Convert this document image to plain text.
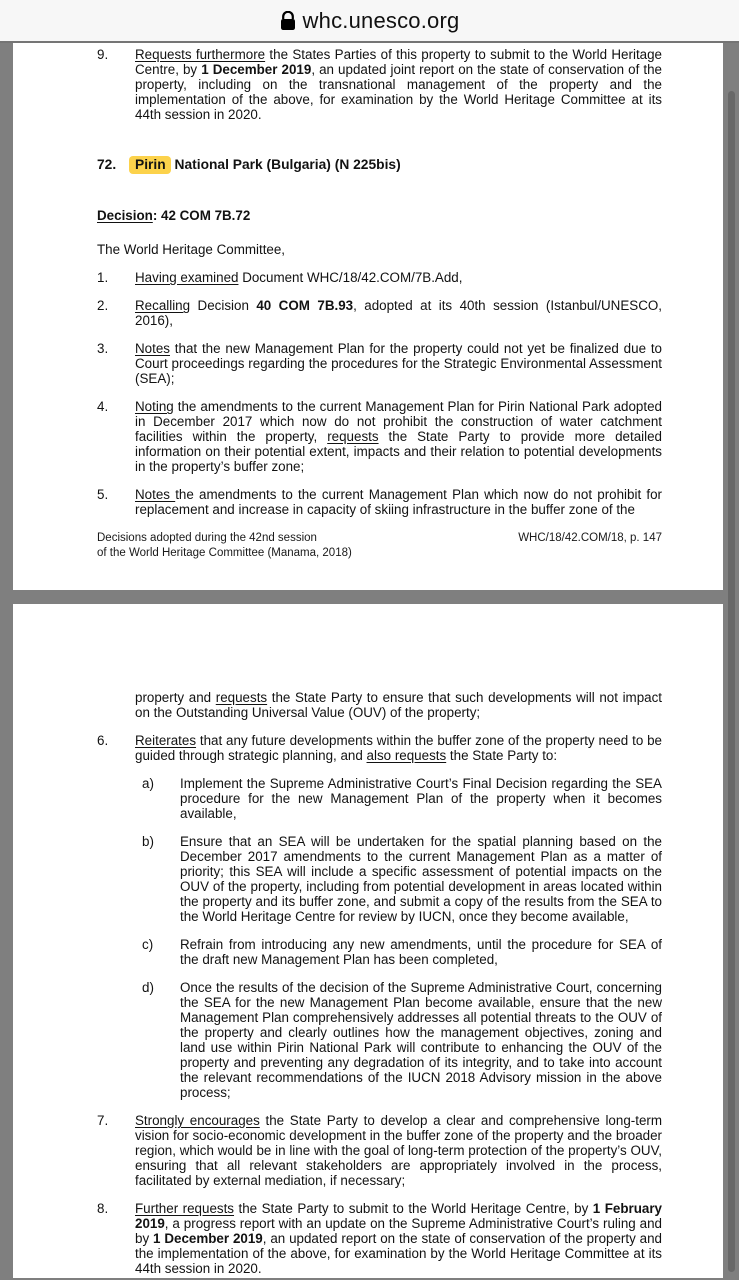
whc.unesco.org
9.	Requests furthermore the States Parties of this property to submit to the World Heritage Centre, by 1 December 2019, an updated joint report on the state of conservation of the property, including on the transnational management of the property and the implementation of the above, for examination by the World Heritage Committee at its 44th session in 2020.
72.	Pirin National Park (Bulgaria) (N 225bis)
Decision: 42 COM 7B.72
The World Heritage Committee,
1.	Having examined Document WHC/18/42.COM/7B.Add,
2.	Recalling Decision 40 COM 7B.93, adopted at its 40th session (Istanbul/UNESCO, 2016),
3.	Notes that the new Management Plan for the property could not yet be finalized due to Court proceedings regarding the procedures for the Strategic Environmental Assessment (SEA);
4.	Noting the amendments to the current Management Plan for Pirin National Park adopted in December 2017 which now do not prohibit the construction of water catchment facilities within the property, requests the State Party to provide more detailed information on their potential extent, impacts and their relation to potential developments in the property’s buffer zone;
5.	Notes the amendments to the current Management Plan which now do not prohibit for replacement and increase in capacity of skiing infrastructure in the buffer zone of the
Decisions adopted during the 42nd session
of the World Heritage Committee (Manama, 2018)
WHC/18/42.COM/18, p. 147
property and requests the State Party to ensure that such developments will not impact on the Outstanding Universal Value (OUV) of the property;
6.	Reiterates that any future developments within the buffer zone of the property need to be guided through strategic planning, and also requests the State Party to:
a)	Implement the Supreme Administrative Court’s Final Decision regarding the SEA procedure for the new Management Plan of the property when it becomes available,
b)	Ensure that an SEA will be undertaken for the spatial planning based on the December 2017 amendments to the current Management Plan as a matter of priority; this SEA will include a specific assessment of potential impacts on the OUV of the property, including from potential development in areas located within the property and its buffer zone, and submit a copy of the results from the SEA to the World Heritage Centre for review by IUCN, once they become available,
c)	Refrain from introducing any new amendments, until the procedure for SEA of the draft new Management Plan has been completed,
d)	Once the results of the decision of the Supreme Administrative Court, concerning the SEA for the new Management Plan become available, ensure that the new Management Plan comprehensively addresses all potential threats to the OUV of the property and clearly outlines how the management objectives, zoning and land use within Pirin National Park will contribute to enhancing the OUV of the property and preventing any degradation of its integrity, and to take into account the relevant recommendations of the IUCN 2018 Advisory mission in the above process;
7.	Strongly encourages the State Party to develop a clear and comprehensive long-term vision for socio-economic development in the buffer zone of the property and the broader region, which would be in line with the goal of long-term protection of the property’s OUV, ensuring that all relevant stakeholders are appropriately involved in the process, facilitated by external mediation, if necessary;
8.	Further requests the State Party to submit to the World Heritage Centre, by 1 February 2019, a progress report with an update on the Supreme Administrative Court’s ruling and by 1 December 2019, an updated report on the state of conservation of the property and the implementation of the above, for examination by the World Heritage Committee at its 44th session in 2020.
